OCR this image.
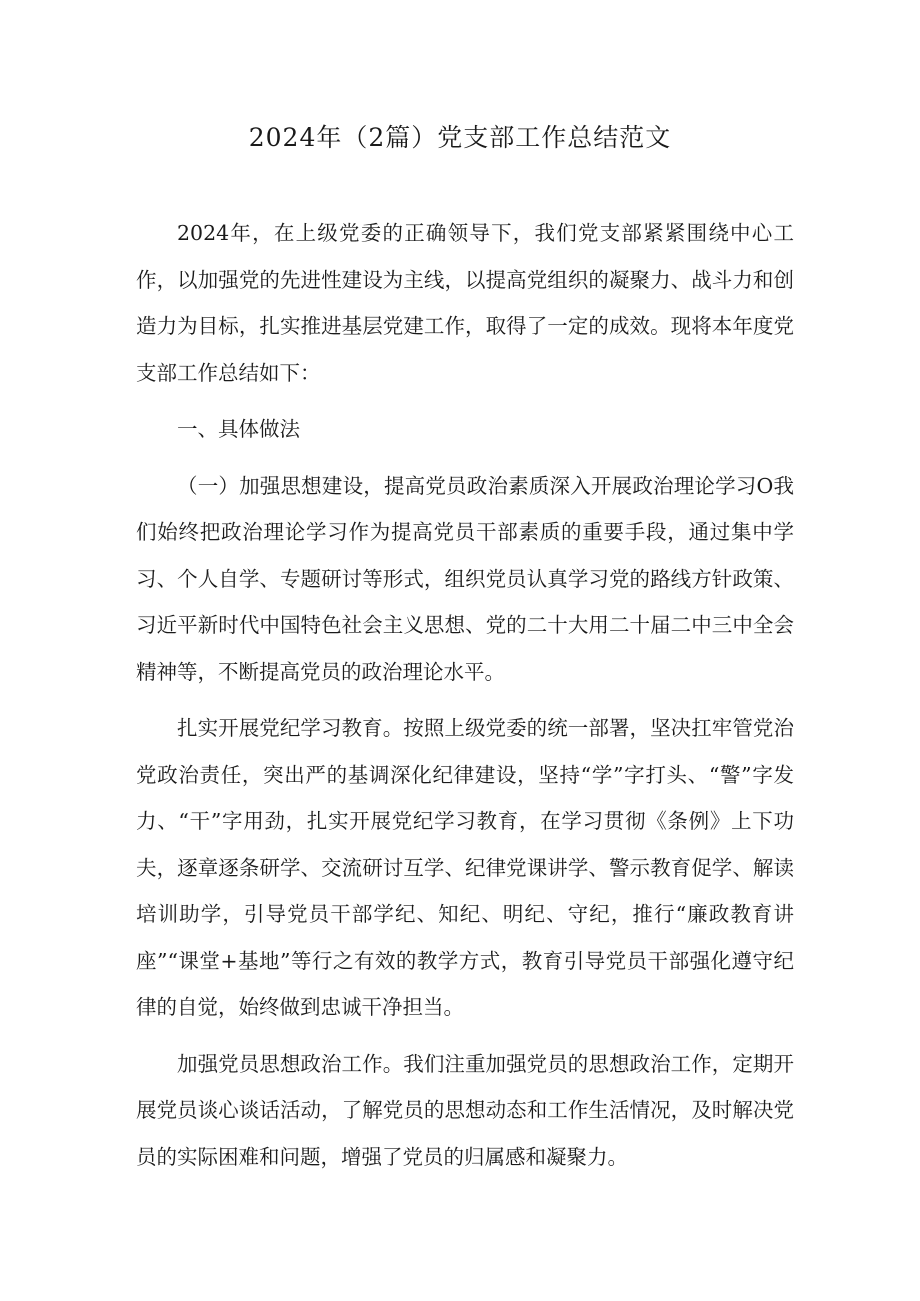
2024年（2篇）党支部工作总结范文

2024年，在上级党委的正确领导下，我们党支部紧紧围绕中心工作，以加强党的先进性建设为主线，以提高党组织的凝聚力、战斗力和创造力为目标，扎实推进基层党建工作，取得了一定的成效。现将本年度党支部工作总结如下：

一、具体做法

（一）加强思想建设，提高党员政治素质深入开展政治理论学习O我们始终把政治理论学习作为提高党员干部素质的重要手段，通过集中学习、个人自学、专题研讨等形式，组织党员认真学习党的路线方针政策、习近平新时代中国特色社会主义思想、党的二十大用二十届二中三中全会精神等，不断提高党员的政治理论水平。

扎实开展党纪学习教育。按照上级党委的统一部署，坚决扛牢管党治党政治责任，突出严的基调深化纪律建设，坚持“学”字打头、“警”字发力、“干”字用劲，扎实开展党纪学习教育，在学习贯彻《条例》上下功夫，逐章逐条研学、交流研讨互学、纪律党课讲学、警示教育促学、解读培训助学，引导党员干部学纪、知纪、明纪、守纪，推行“廉政教育讲座”“课堂+基地”等行之有效的教学方式，教育引导党员干部强化遵守纪律的自觉，始终做到忠诚干净担当。

加强党员思想政治工作。我们注重加强党员的思想政治工作，定期开展党员谈心谈话活动，了解党员的思想动态和工作生活情况，及时解决党员的实际困难和问题，增强了党员的归属感和凝聚力。
